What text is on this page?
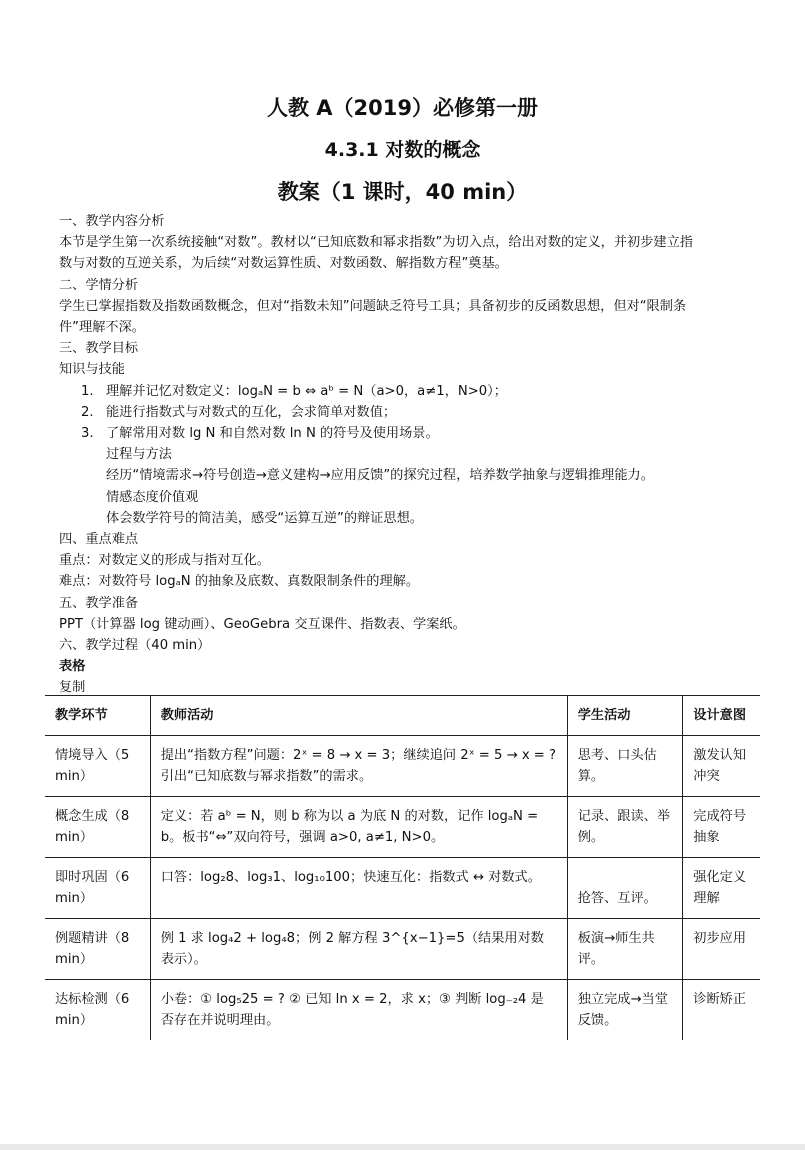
人教 A（2019）必修第一册
4.3.1 对数的概念
教案（1 课时，40 min）

一、教学内容分析

本节是学生第一次系统接触“对数”。教材以“已知底数和幂求指数”为切入点，给出对数的定义，并初步建立指

数与对数的互逆关系，为后续“对数运算性质、对数函数、解指数方程”奠基。

二、学情分析

学生已掌握指数及指数函数概念，但对“指数未知”问题缺乏符号工具；具备初步的反函数思想，但对“限制条

件”理解不深。

三、教学目标

知识与技能

1. 理解并记忆对数定义：logₐN = b ⇔ aᵇ = N（a>0，a≠1，N>0）；

2. 能进行指数式与对数式的互化，会求简单对数值；

3. 了解常用对数 lg N 和自然对数 ln N 的符号及使用场景。

过程与方法

经历“情境需求→符号创造→意义建构→应用反馈”的探究过程，培养数学抽象与逻辑推理能力。

情感态度价值观

体会数学符号的简洁美，感受“运算互逆”的辩证思想。

四、重点难点

重点：对数定义的形成与指对互化。

难点：对数符号 logₐN 的抽象及底数、真数限制条件的理解。

五、教学准备

PPT（计算器 log 键动画）、GeoGebra 交互课件、指数表、学案纸。

六、教学过程（40 min）

表格

复制

教学环节	教师活动	学生活动	设计意图
情境导入（5 min）	提出“指数方程”问题：2ˣ = 8 → x = 3；继续追问 2ˣ = 5 → x = ? 引出“已知底数与幂求指数”的需求。	思考、口头估算。	激发认知冲突
概念生成（8 min）	定义：若 aᵇ = N，则 b 称为以 a 为底 N 的对数，记作 logₐN = b。板书“⇔”双向符号，强调 a>0, a≠1, N>0。	记录、跟读、举例。	完成符号抽象
即时巩固（6 min）	口答：log₂8、log₃1、log₁₀100；快速互化：指数式 ↔ 对数式。	抢答、互评。	强化定义理解
例题精讲（8 min）	例 1 求 log₄2 + log₄8；例 2 解方程 3^{x−1}=5（结果用对数表示）。	板演→师生共评。	初步应用
达标检测（6 min）	小卷：① log₅25 = ? ② 已知 ln x = 2，求 x；③ 判断 log₋₂4 是否存在并说明理由。	独立完成→当堂反馈。	诊断矫正
